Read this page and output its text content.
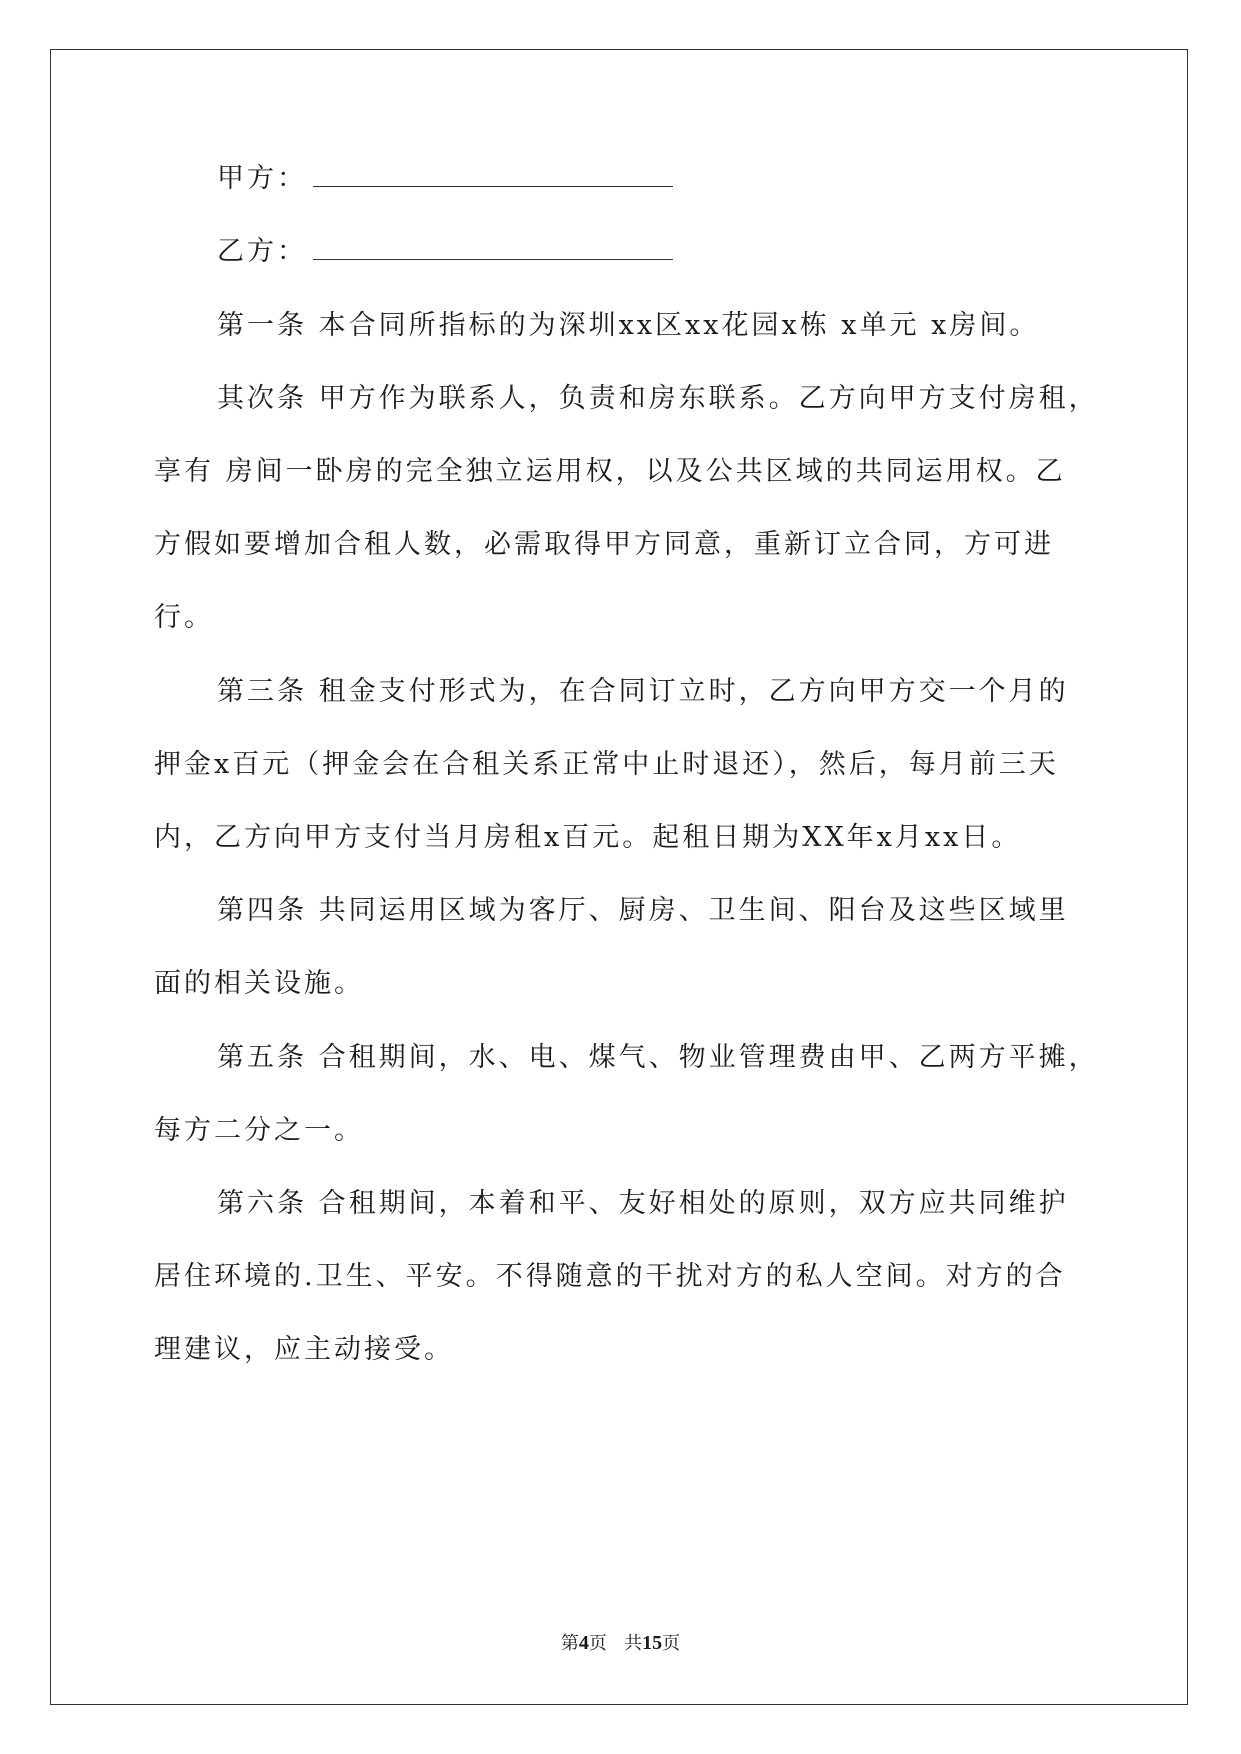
甲方：
乙方：
第一条 本合同所指标的为深圳xx区xx花园x栋 x单元 x房间。
其次条 甲方作为联系人，负责和房东联系。乙方向甲方支付房租，
享有 房间一卧房的完全独立运用权，以及公共区域的共同运用权。乙
方假如要增加合租人数，必需取得甲方同意，重新订立合同，方可进
行。
第三条 租金支付形式为，在合同订立时，乙方向甲方交一个月的
押金x百元（押金会在合租关系正常中止时退还），然后，每月前三天
内，乙方向甲方支付当月房租x百元。起租日期为XX年x月xx日。
第四条 共同运用区域为客厅、厨房、卫生间、阳台及这些区域里
面的相关设施。
第五条 合租期间，水、电、煤气、物业管理费由甲、乙两方平摊，
每方二分之一。
第六条 合租期间，本着和平、友好相处的原则，双方应共同维护
居住环境的.卫生、平安。不得随意的干扰对方的私人空间。对方的合
理建议，应主动接受。
第4页 共15页
